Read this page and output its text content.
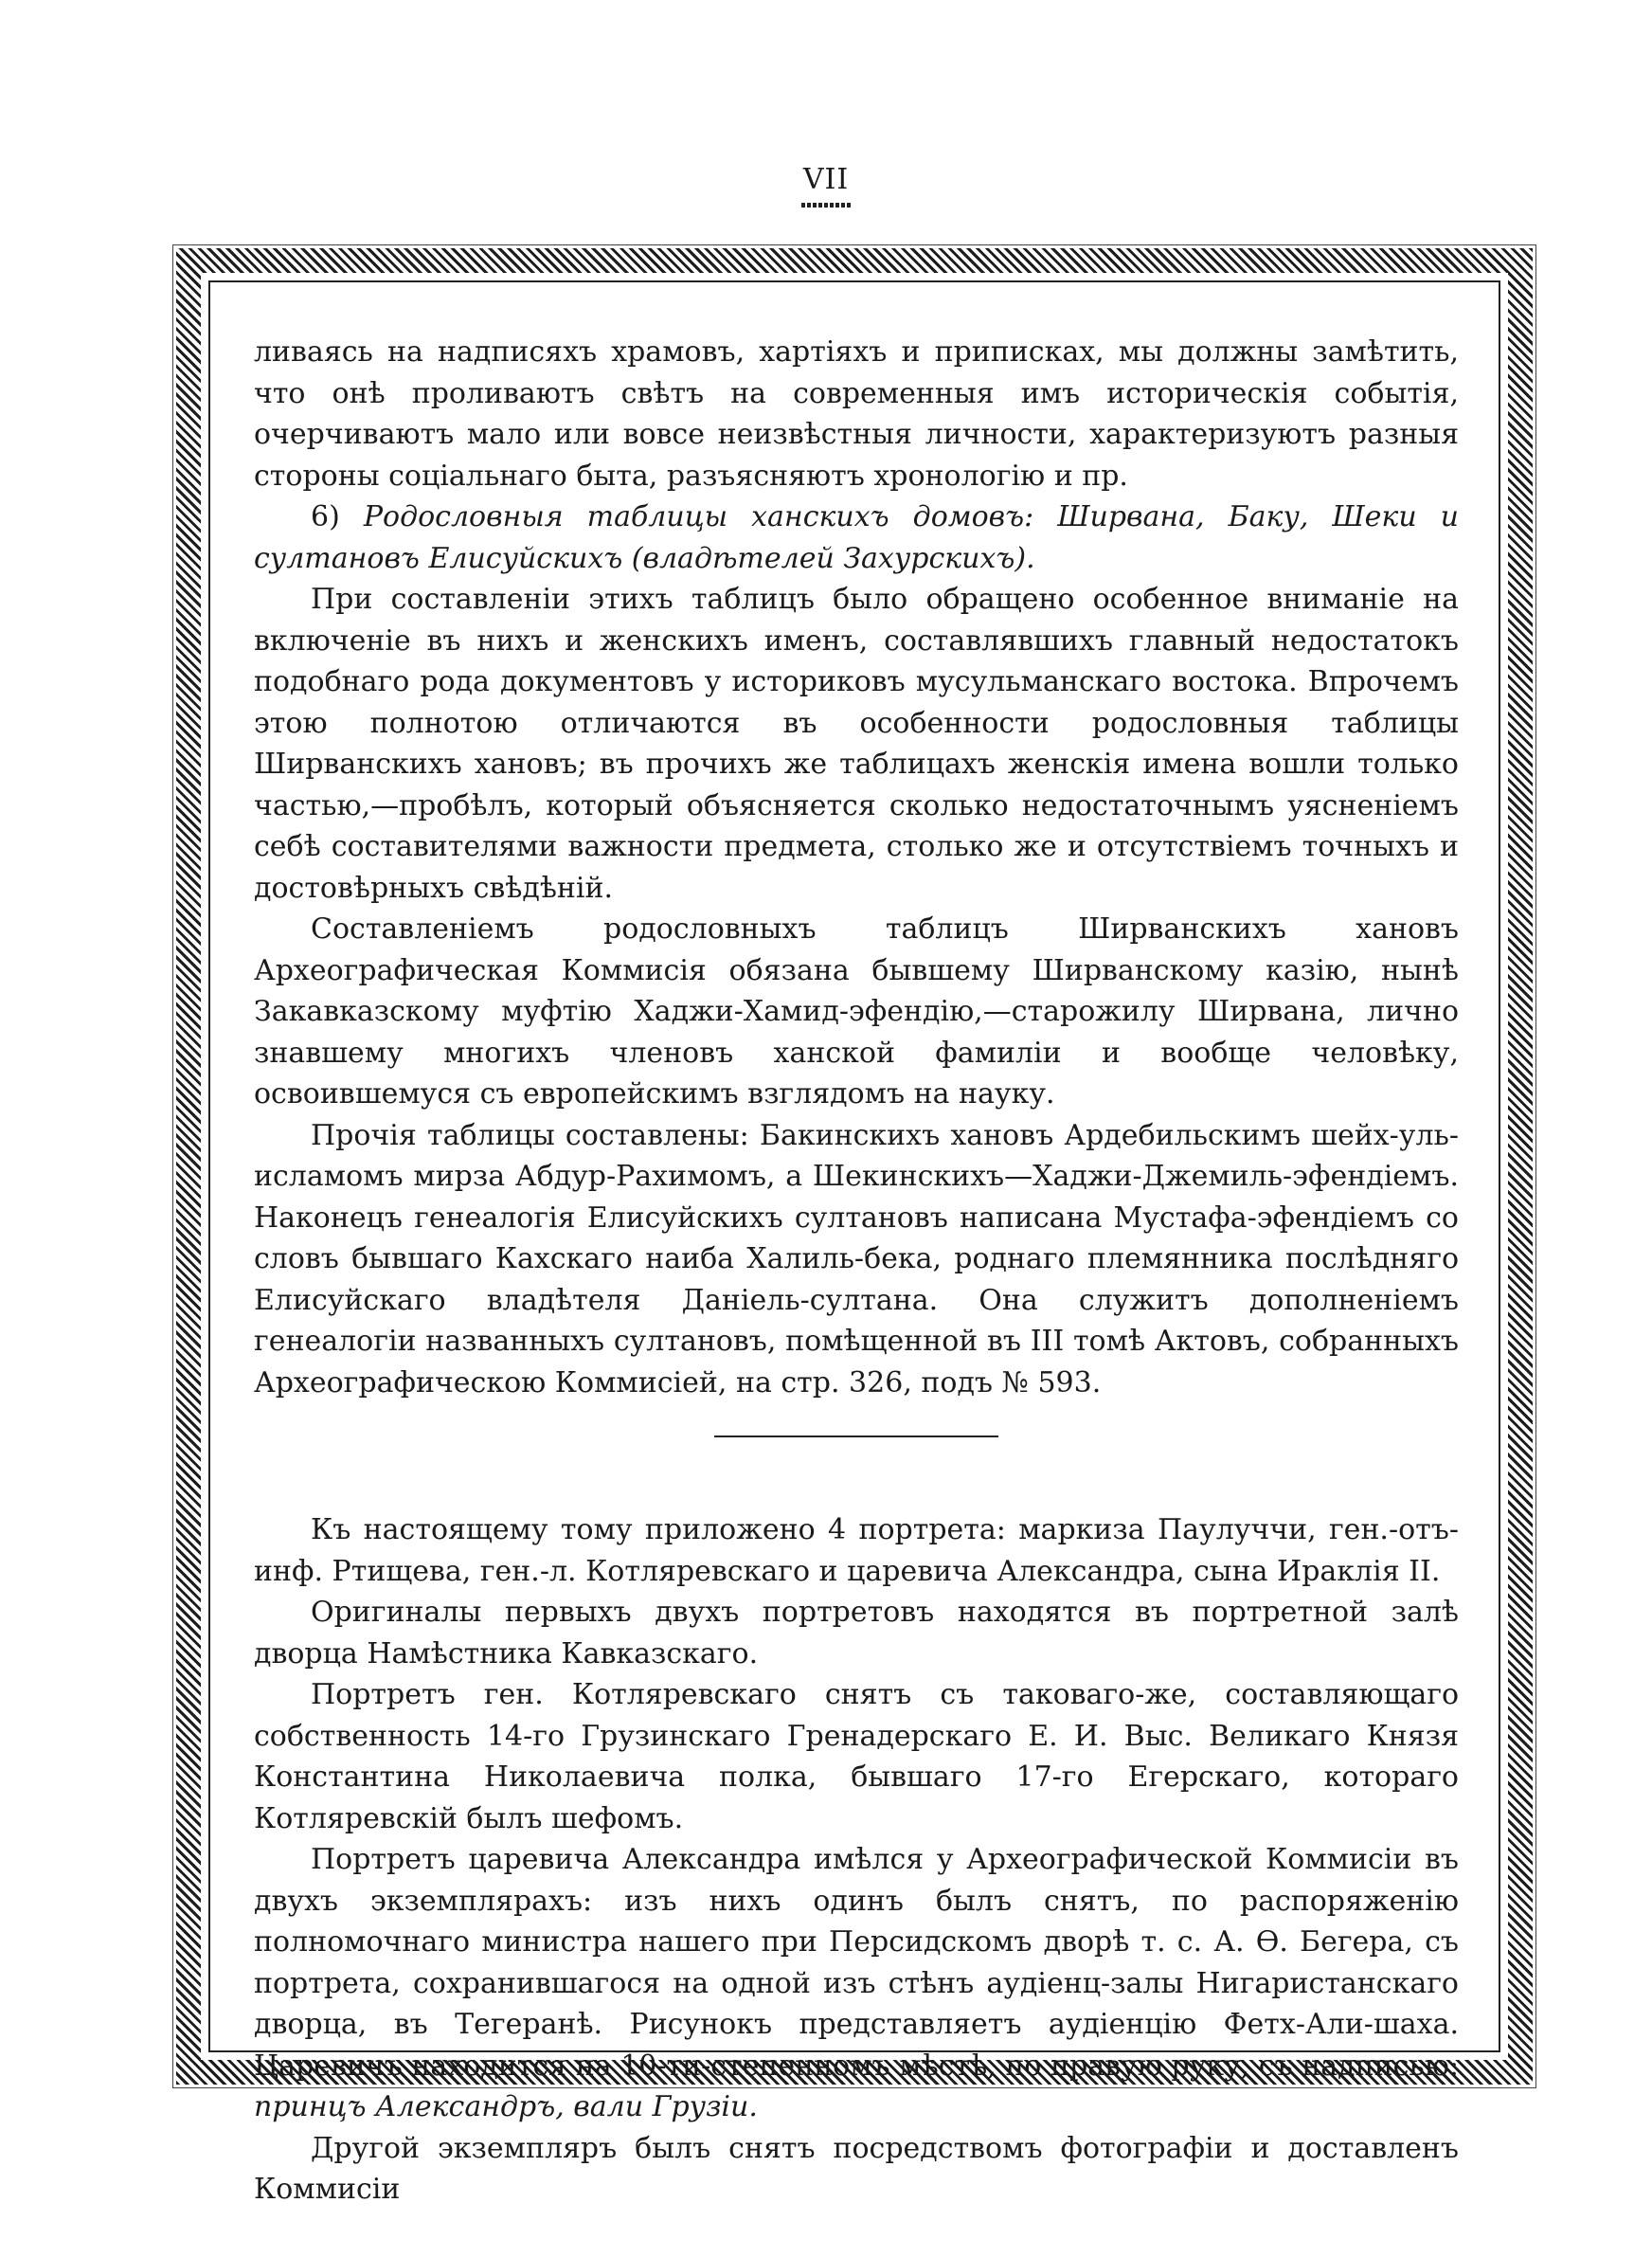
VII

ливаясь на надписяхъ храмовъ, хартіяхъ и приписках, мы должны замѣтить, что онѣ проливаютъ свѣтъ на современныя имъ историческія событія, очерчиваютъ мало или вовсе неизвѣстныя личности, характеризуютъ разныя стороны соціальнаго быта, разъясняютъ хронологію и пр.

6) Родословныя таблицы ханскихъ домовъ: Ширвана, Баку, Шеки и султановъ Елисуйскихъ (владѣтелей Захурскихъ).

При составленіи этихъ таблицъ было обращено особенное вниманіе на включеніе въ нихъ и женскихъ именъ, составлявшихъ главный недостатокъ подобнаго рода документовъ у историковъ мусульманскаго востока. Впрочемъ этою полнотою отличаются въ особенности родословныя таблицы Ширванскихъ хановъ; въ прочихъ же таблицахъ женскія имена вошли только частью,—пробѣлъ, который объясняется сколько недостаточнымъ уясненіемъ себѣ составителями важности предмета, столько же и отсутствіемъ точныхъ и достовѣрныхъ свѣдѣній.

Составленіемъ родословныхъ таблицъ Ширванскихъ хановъ Археографическая Коммисія обязана бывшему Ширванскому казію, нынѣ Закавказскому муфтію Хаджи-Хамид-эфендію,—старожилу Ширвана, лично знавшему многихъ членовъ ханской фамиліи и вообще человѣку, освоившемуся съ европейскимъ взглядомъ на науку.

Прочія таблицы составлены: Бакинскихъ хановъ Ардебильскимъ шейх-уль-исламомъ мирза Абдур-Рахимомъ, а Шекинскихъ—Хаджи-Джемиль-эфендіемъ. Наконецъ генеалогія Елисуйскихъ султановъ написана Мустафа-эфендіемъ со словъ бывшаго Кахскаго наиба Халиль-бека, роднаго племянника послѣдняго Елисуйскаго владѣтеля Даніель-султана. Она служитъ дополненіемъ генеалогіи названныхъ султановъ, помѣщенной въ III томѣ Актовъ, собранныхъ Археографическою Коммисіей, на стр. 326, подъ № 593.

Къ настоящему тому приложено 4 портрета: маркиза Паулуччи, ген.-отъ-инф. Ртищева, ген.-л. Котляревскаго и царевича Александра, сына Ираклія II.

Оригиналы первыхъ двухъ портретовъ находятся въ портретной залѣ дворца Намѣстника Кавказскаго.

Портретъ ген. Котляревскаго снятъ съ таковаго-же, составляющаго собственность 14-го Грузинскаго Гренадерскаго Е. И. Выс. Великаго Князя Константина Николаевича полка, бывшаго 17-го Егерскаго, котораго Котляревскій былъ шефомъ.

Портретъ царевича Александра имѣлся у Археографической Коммисіи въ двухъ экземплярахъ: изъ нихъ одинъ былъ снятъ, по распоряженію полномочнаго министра нашего при Персидскомъ дворѣ т. с. А. Ѳ. Бегера, съ портрета, сохранившагося на одной изъ стѣнъ аудіенц-залы Нигаристанскаго дворца, въ Тегеранѣ. Рисунокъ представляетъ аудіенцію Фетх-Али-шаха. Царевичъ находится на 10-ти-степенномъ мѣстѣ, по правую руку, съ надписью: принцъ Александръ, вали Грузіи.

Другой экземпляръ былъ снятъ посредствомъ фотографіи и доставленъ Коммисіи
